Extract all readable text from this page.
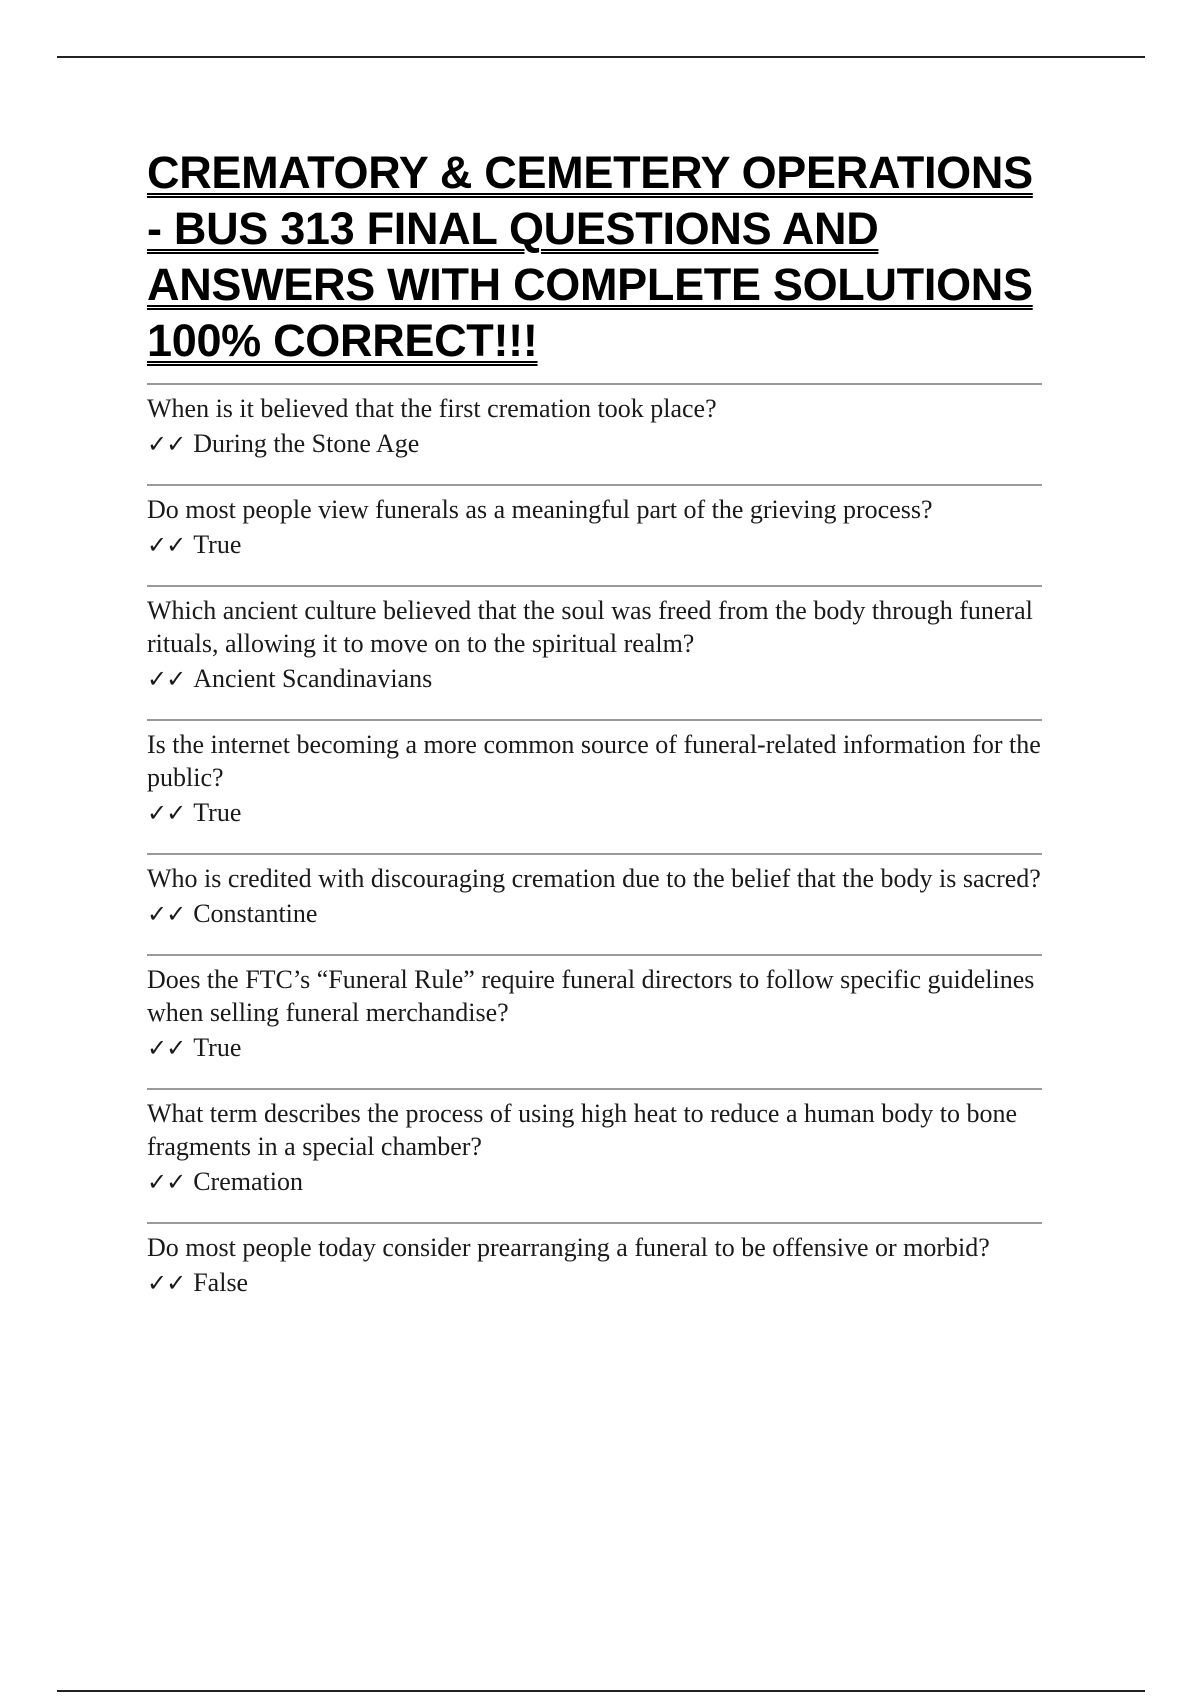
CREMATORY & CEMETERY OPERATIONS - BUS 313 FINAL QUESTIONS AND ANSWERS WITH COMPLETE SOLUTIONS 100% CORRECT!!!

When is it believed that the first cremation took place?

✓✓ During the Stone Age

Do most people view funerals as a meaningful part of the grieving process?

✓✓ True

Which ancient culture believed that the soul was freed from the body through funeral rituals, allowing it to move on to the spiritual realm?

✓✓ Ancient Scandinavians

Is the internet becoming a more common source of funeral-related information for the public?

✓✓ True

Who is credited with discouraging cremation due to the belief that the body is sacred?

✓✓ Constantine

Does the FTC’s “Funeral Rule” require funeral directors to follow specific guidelines when selling funeral merchandise?

✓✓ True

What term describes the process of using high heat to reduce a human body to bone fragments in a special chamber?

✓✓ Cremation

Do most people today consider prearranging a funeral to be offensive or morbid?

✓✓ False
